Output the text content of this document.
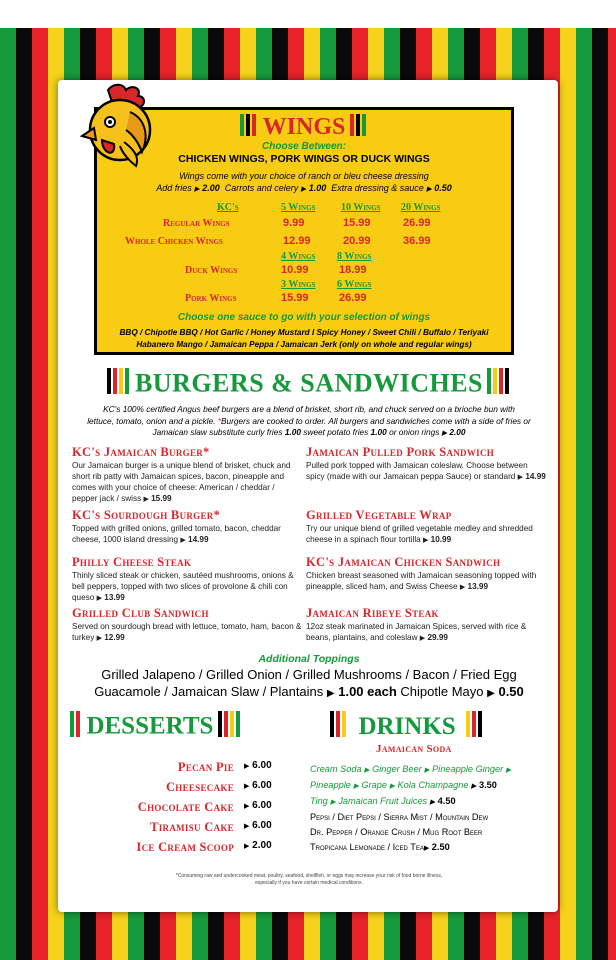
WINGS
Choose Between:
CHICKEN WINGS, PORK WINGS OR DUCK WINGS
Wings come with your choice of ranch or bleu cheese dressing
Add fries ▶ 2.00 Carrots and celery ▶ 1.00 Extra dressing & sauce ▶ 0.50
KC's	5 Wings	10 Wings 20 Wings
Regular Wings	9.99	15.99	26.99
Whole Chicken Wings	12.99	20.99	36.99
4 Wings 8 Wings
Duck Wings	10.99	18.99
3 Wings 6 Wings
Pork Wings	15.99	26.99
Choose one sauce to go with your selection of wings
BBQ / Chipotle BBQ / Hot Garlic / Honey Mustard I Spicy Honey / Sweet Chili / Buffalo / Teriyaki
Habanero Mango / Jamaican Peppa / Jamaican Jerk (only on whole and regular wings)
BURGERS & SANDWICHES
KC's 100% certified Angus beef burgers are a blend of brisket, short rib, and chuck served on a brioche bun with
lettuce, tomato, onion and a pickle. *Burgers are cooked to order. All burgers and sandwiches come with a side of fries or
Jamaican slaw substitute curly fries 1.00 sweet potato fries 1.00 or onion rings ▶ 2.00
KC's Jamaican Burger*
Our Jamaican burger is a unique blend of brisket, chuck and short rib patty with Jamaican spices, bacon, pineapple and comes with your choice of cheese: American / cheddar / pepper jack / swiss ▶ 15.99
KC's Sourdough Burger*
Topped with grilled onions, grilled tomato, bacon, cheddar cheese, 1000 island dressing ▶ 14.99
Philly Cheese Steak
Thinly sliced steak or chicken, sautéed mushrooms, onions & bell peppers, topped with two slices of provolone & chili con queso ▶ 13.99
Grilled Club Sandwich
Served on sourdough bread with lettuce, tomato, ham, bacon & turkey ▶ 12.99
Jamaican Pulled Pork Sandwich
Pulled pork topped with Jamaican coleslaw. Choose between spicy (made with our Jamaican peppa Sauce) or standard ▶ 14.99
Grilled Vegetable Wrap
Try our unique blend of grilled vegetable medley and shredded cheese in a spinach flour tortilla ▶ 10.99
KC's Jamaican Chicken Sandwich
Chicken breast seasoned with Jamaican seasoning topped with pineapple, sliced ham, and Swiss Cheese ▶ 13.99
Jamaican Ribeye Steak
12oz steak marinated in Jamaican Spices, served with rice & beans, plantains, and coleslaw ▶ 29.99
Additional Toppings
Grilled Jalapeno / Grilled Onion / Grilled Mushrooms / Bacon / Fried Egg
Guacamole / Jamaican Slaw / Plantains ▶ 1.00 each Chipotle Mayo ▶ 0.50
DESSERTS
Pecan Pie ▶ 6.00
Cheesecake ▶ 6.00
Chocolate Cake ▶ 6.00
Tiramisu Cake ▶ 6.00
Ice Cream Scoop ▶ 2.00
DRINKS
Jamaican Soda
Cream Soda ▶ Ginger Beer ▶ Pineapple Ginger ▶
Pineapple ▶ Grape ▶ Kola Champagne ▶ 3.50
Ting ▶ Jamaican Fruit Juices ▶ 4.50
Pepsi / Diet Pepsi / Sierra Mist / Mountain Dew
Dr. Pepper / Orange Crush / Mug Root Beer
Tropicana Lemonade / Iced Tea▶ 2.50
*Consuming raw and undercooked meat, poultry, seafood, shellfish, or eggs may increase your risk of food borne illness,
especially if you have certain medical conditions.
